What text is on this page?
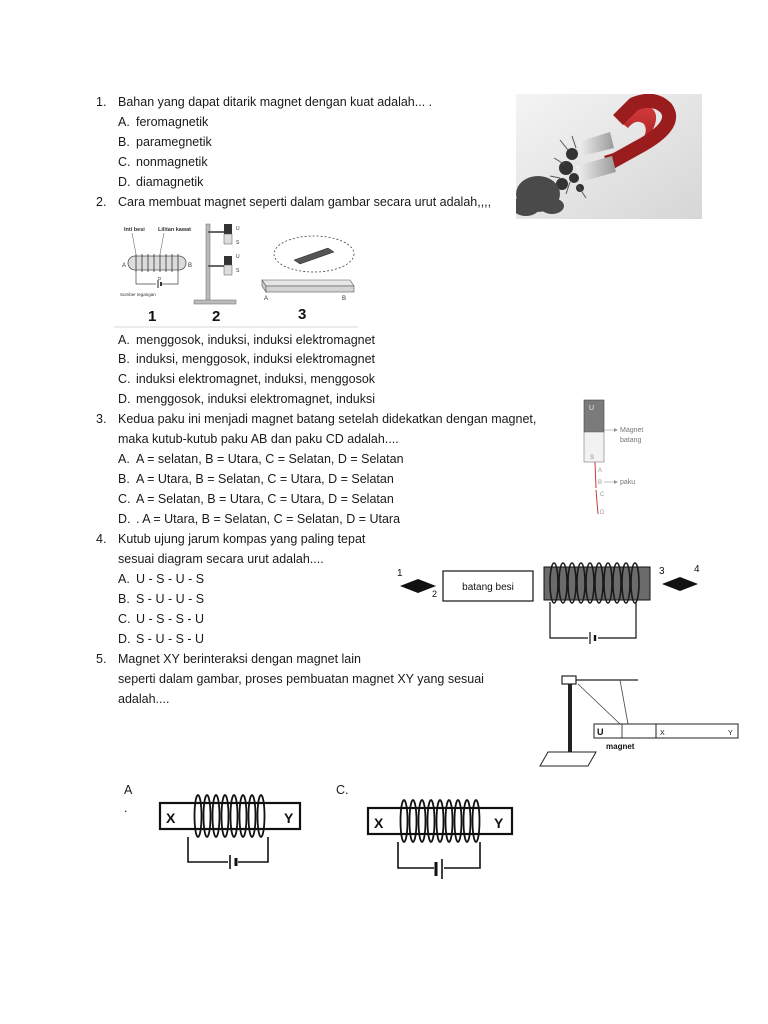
1. Bahan yang dapat ditarik magnet dengan kuat adalah... .
A. feromagnetik
B. paramegnetik
C. nonmagnetik
D. diamagnetik
2. Cara membuat magnet seperti dalam gambar secara urut adalah,,,,
Inti besi Lilitan kawat
A	B
D
Sumber tegangan
U
S
U
S
A	B
1	2	3
A. menggosok, induksi, induksi elektromagnet
B. induksi, menggosok, induksi elektromagnet
C. induksi elektromagnet, induksi, menggosok
D. menggosok, induksi elektromagnet, induksi
3. Kedua paku ini menjadi magnet batang setelah didekatkan dengan magnet,
maka kutub-kutub paku AB dan paku CD adalah....
A. A = selatan, B = Utara, C = Selatan, D = Selatan
B. A = Utara, B = Selatan, C = Utara, D = Selatan
C. A = Selatan, B = Utara, C = Utara, D = Selatan
D. . A = Utara, B = Selatan, C = Selatan, D = Utara
U
S
Magnet
batang
A
B
C
D
paku
4. Kutub ujung jarum kompas yang paling tepat
sesuai diagram secara urut adalah....
A. U - S - U - S
B. S - U - U - S
C. U - S - S - U
D. S - U - S - U
1
2
batang besi
3	4
5. Magnet XY berinteraksi dengan magnet lain
seperti dalam gambar, proses pembuatan magnet XY yang sesuai
adalah....
U
magnet
X	Y
A
.
X	Y
C.
X	Y
